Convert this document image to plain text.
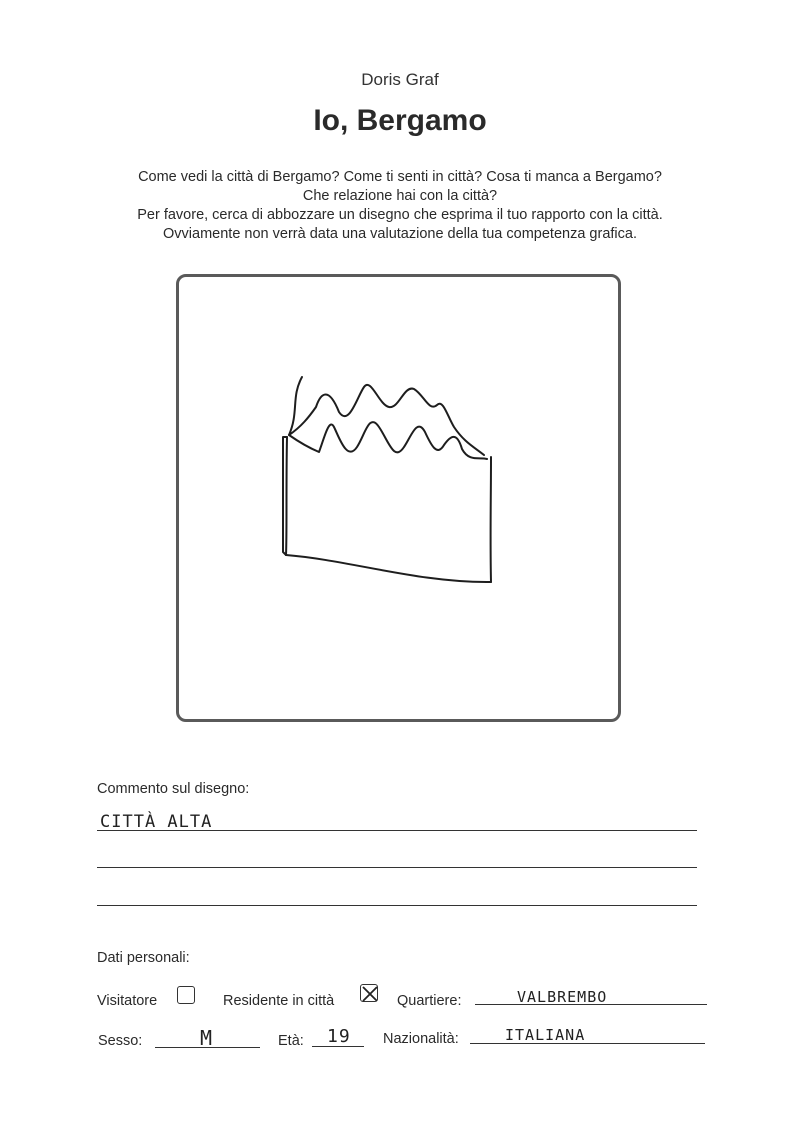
Doris Graf
Io, Bergamo
Come vedi la città di Bergamo? Come ti senti in città? Cosa ti manca a Bergamo?
Che relazione hai con la città?
Per favore, cerca di abbozzare un disegno che esprima il tuo rapporto con la città.
Ovviamente non verrà data una valutazione della tua competenza grafica.
Commento sul disegno:
CITTÀ ALTA
Dati personali:
Visitatore	Residente in città	Quartiere:	VALBREMBO
Sesso:	M	Età: 19 Nazionalità:	ITALIANA
